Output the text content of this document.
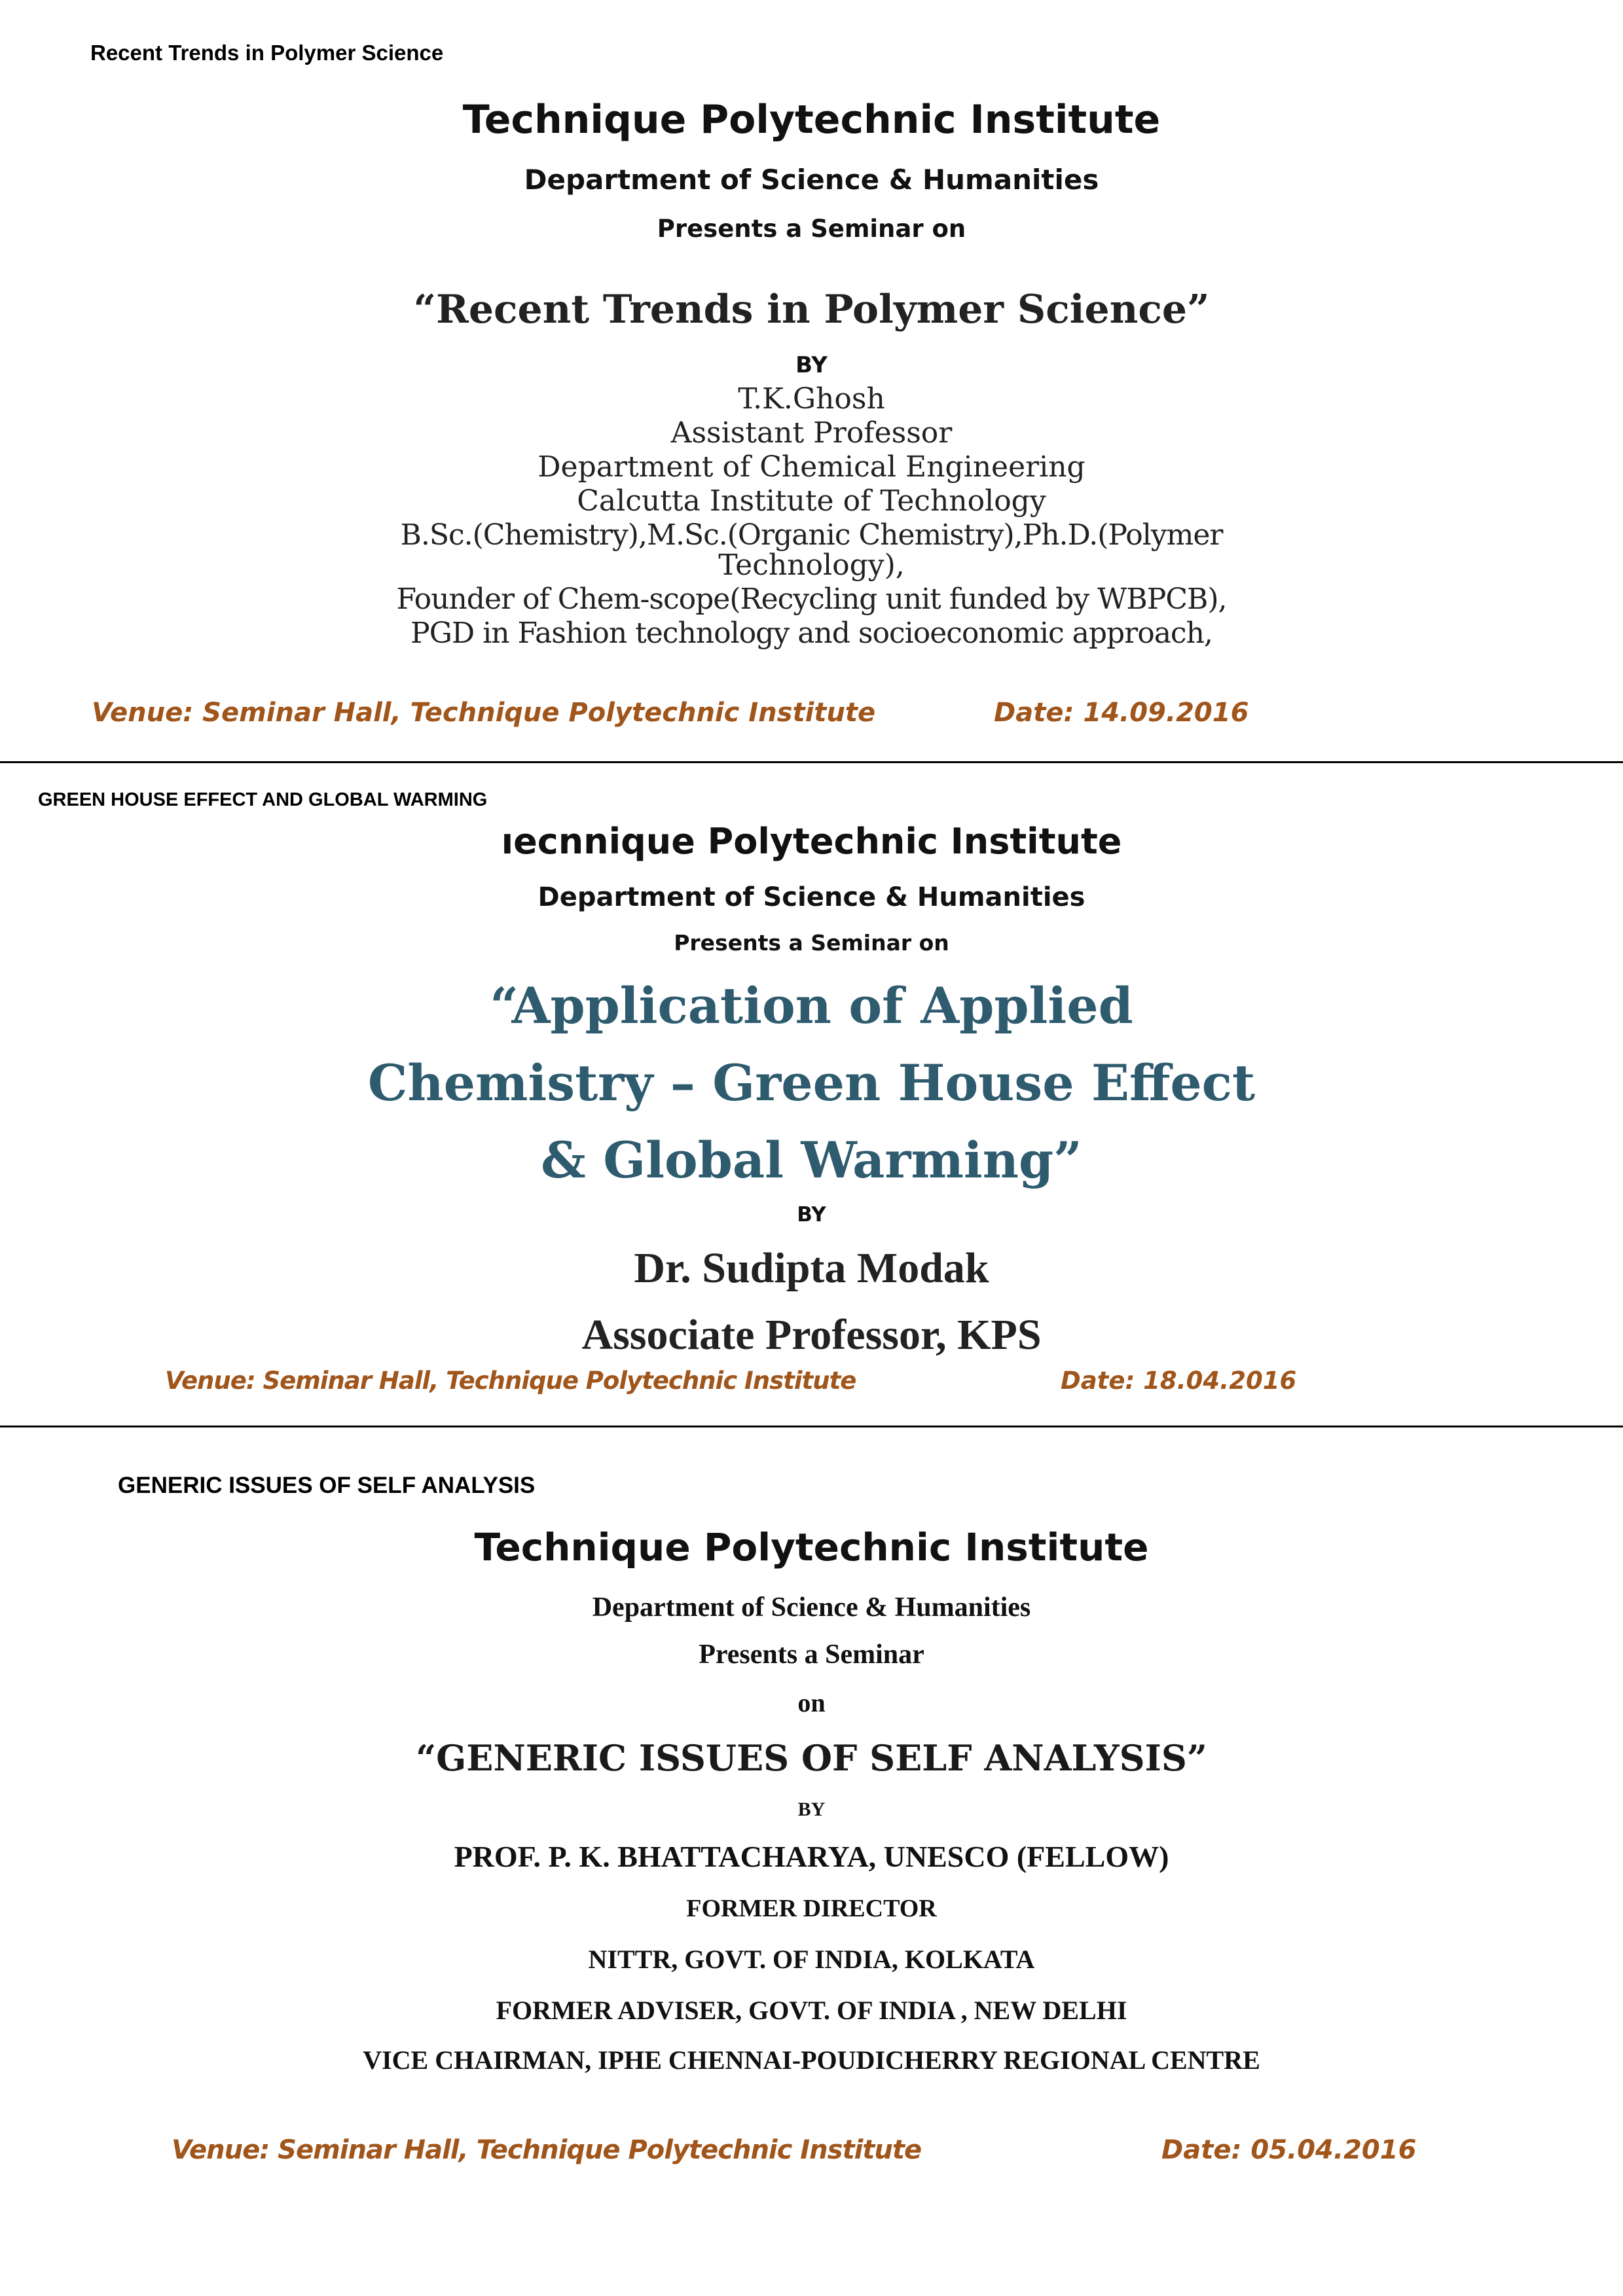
Recent Trends in Polymer Science
Technique Polytechnic Institute
Department of Science & Humanities
Presents a Seminar on
“Recent Trends in Polymer Science”
BY
T.K.Ghosh
Assistant Professor
Department of Chemical Engineering
Calcutta Institute of Technology
B.Sc.(Chemistry),M.Sc.(Organic Chemistry),Ph.D.(Polymer
Technology),
Founder of Chem-scope(Recycling unit funded by WBPCB),
PGD in Fashion technology and socioeconomic approach,
Venue: Seminar Hall, Technique Polytechnic Institute	Date: 14.09.2016
GREEN HOUSE EFFECT AND GLOBAL WARMING
ıecnnique Polytechnic Institute
Department of Science & Humanities
Presents a Seminar on
“Application of Applied
Chemistry – Green House Effect
& Global Warming”
BY
Dr. Sudipta Modak
Associate Professor, KPS
Venue: Seminar Hall, Technique Polytechnic Institute	Date: 18.04.2016
GENERIC ISSUES OF SELF ANALYSIS
Technique Polytechnic Institute
Department of Science & Humanities
Presents a Seminar
on
“GENERIC ISSUES OF SELF ANALYSIS”
BY
PROF. P. K. BHATTACHARYA, UNESCO (FELLOW)
FORMER DIRECTOR
NITTR, GOVT. OF INDIA, KOLKATA
FORMER ADVISER, GOVT. OF INDIA , NEW DELHI
VICE CHAIRMAN, IPHE CHENNAI-POUDICHERRY REGIONAL CENTRE
Venue: Seminar Hall, Technique Polytechnic Institute	Date: 05.04.2016
